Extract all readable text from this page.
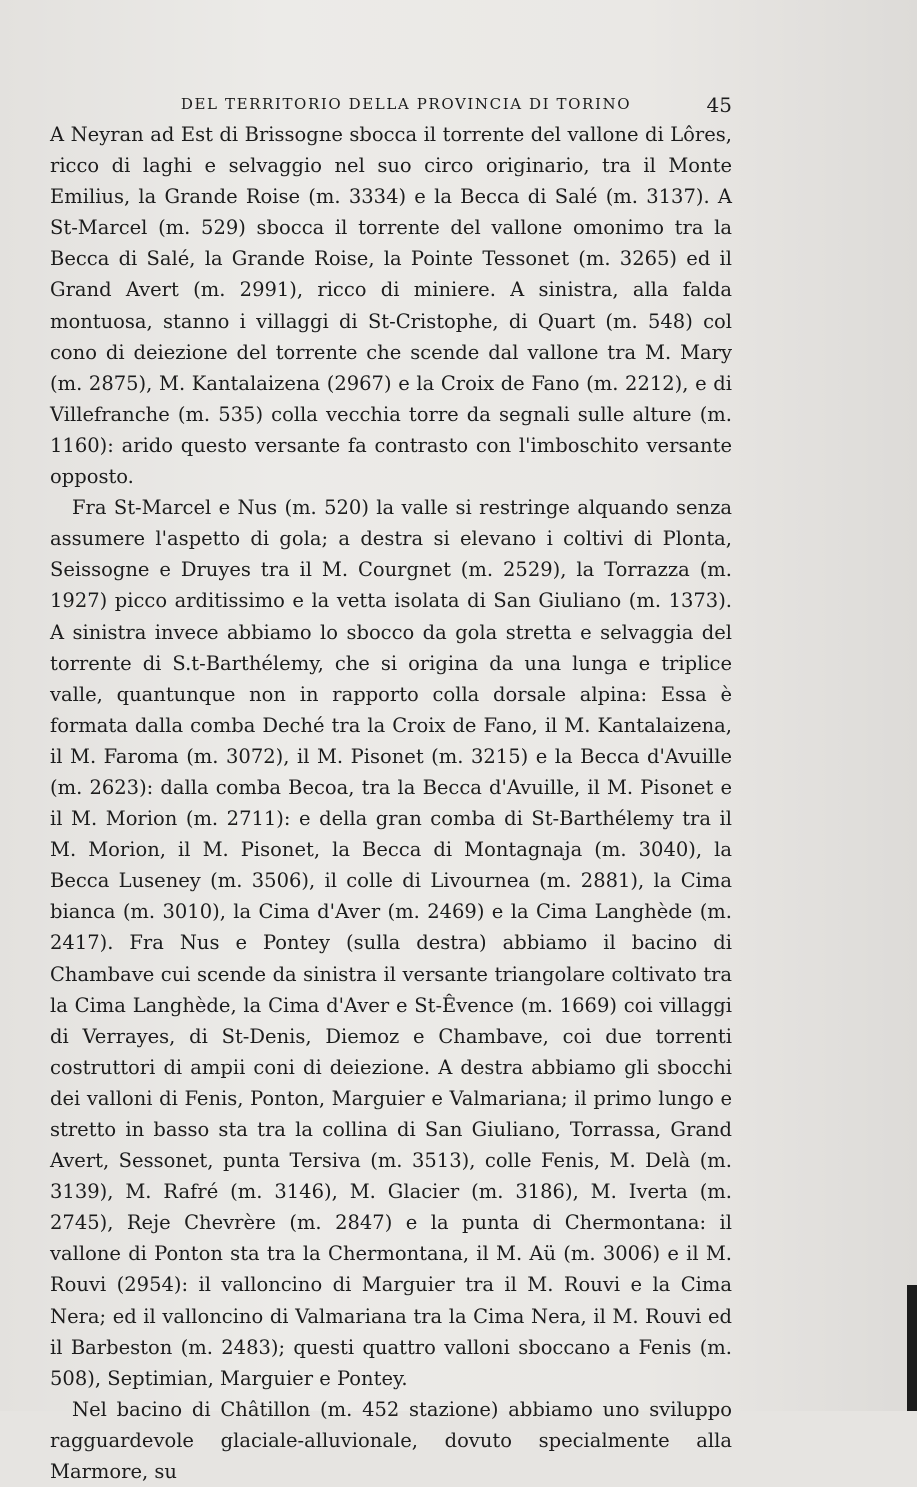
DEL TERRITORIO DELLA PROVINCIA DI TORINO	45

A Neyran ad Est di Brissogne sbocca il torrente del vallone di Lôres, ricco di laghi e selvaggio nel suo circo originario, tra il Monte Emilius, la Grande Roise (m. 3334) e la Becca di Salé (m. 3137). A St-Marcel (m. 529) sbocca il torrente del vallone omonimo tra la Becca di Salé, la Grande Roise, la Pointe Tessonet (m. 3265) ed il Grand Avert (m. 2991), ricco di miniere. A sinistra, alla falda montuosa, stanno i villaggi di St-Cristophe, di Quart (m. 548) col cono di deiezione del torrente che scende dal vallone tra M. Mary (m. 2875), M. Kantalaizena (2967) e la Croix de Fano (m. 2212), e di Villefranche (m. 535) colla vecchia torre da segnali sulle alture (m. 1160): arido questo versante fa contrasto con l'imboschito versante opposto.

Fra St-Marcel e Nus (m. 520) la valle si restringe alquando senza assumere l'aspetto di gola; a destra si elevano i coltivi di Plonta, Seissogne e Druyes tra il M. Courgnet (m. 2529), la Torrazza (m. 1927) picco arditissimo e la vetta isolata di San Giuliano (m. 1373). A sinistra invece abbiamo lo sbocco da gola stretta e selvaggia del torrente di S.t-Barthélemy, che si origina da una lunga e triplice valle, quantunque non in rapporto colla dorsale alpina: Essa è formata dalla comba Deché tra la Croix de Fano, il M. Kantalaizena, il M. Faroma (m. 3072), il M. Pisonet (m. 3215) e la Becca d'Avuille (m. 2623): dalla comba Becoa, tra la Becca d'Avuille, il M. Pisonet e il M. Morion (m. 2711): e della gran comba di St-Barthélemy tra il M. Morion, il M. Pisonet, la Becca di Montagnaja (m. 3040), la Becca Luseney (m. 3506), il colle di Livournea (m. 2881), la Cima bianca (m. 3010), la Cima d'Aver (m. 2469) e la Cima Langhède (m. 2417). Fra Nus e Pontey (sulla destra) abbiamo il bacino di Chambave cui scende da sinistra il versante triangolare coltivato tra la Cima Langhède, la Cima d'Aver e St-Êvence (m. 1669) coi villaggi di Verrayes, di St-Denis, Diemoz e Chambave, coi due torrenti costruttori di ampii coni di deiezione. A destra abbiamo gli sbocchi dei valloni di Fenis, Ponton, Marguier e Valmariana; il primo lungo e stretto in basso sta tra la collina di San Giuliano, Torrassa, Grand Avert, Sessonet, punta Tersiva (m. 3513), colle Fenis, M. Delà (m. 3139), M. Rafré (m. 3146), M. Glacier (m. 3186), M. Iverta (m. 2745), Reje Chevrère (m. 2847) e la punta di Chermontana: il vallone di Ponton sta tra la Chermontana, il M. Aü (m. 3006) e il M. Rouvi (2954): il valloncino di Marguier tra il M. Rouvi e la Cima Nera; ed il valloncino di Valmariana tra la Cima Nera, il M. Rouvi ed il Barbeston (m. 2483); questi quattro valloni sboccano a Fenis (m. 508), Septimian, Marguier e Pontey.

Nel bacino di Châtillon (m. 452 stazione) abbiamo uno sviluppo ragguardevole glaciale-alluvionale, dovuto specialmente alla Marmore, su
